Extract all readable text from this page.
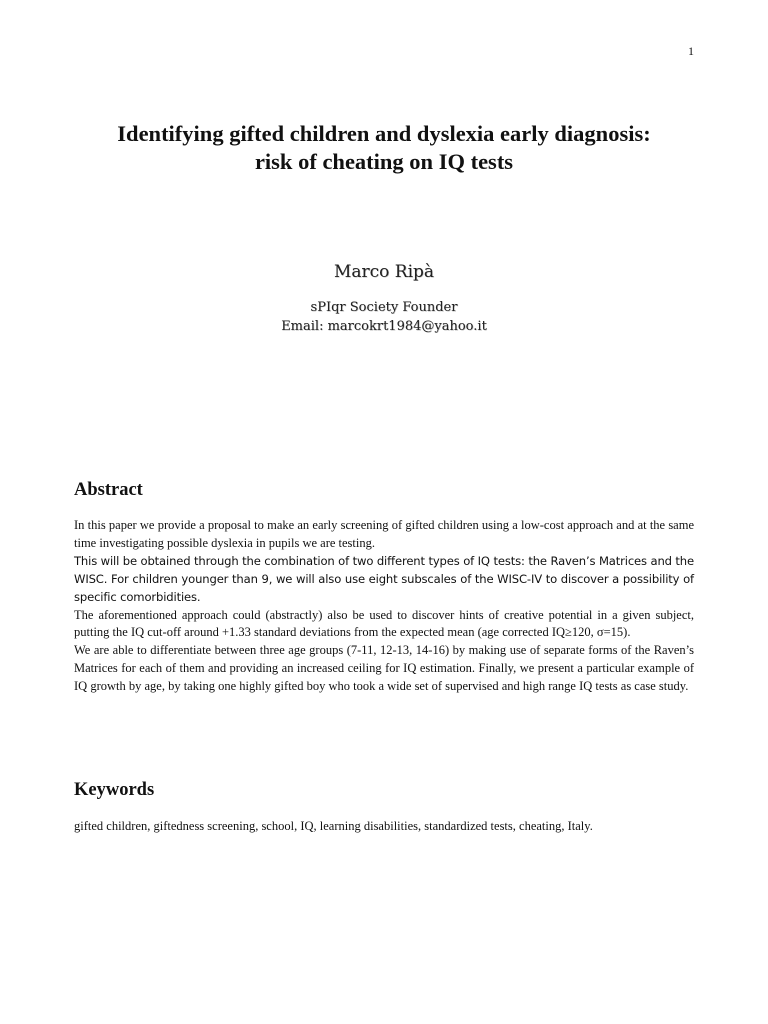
1
Identifying gifted children and dyslexia early diagnosis:
risk of cheating on IQ tests
Marco Ripà
sPIqr Society Founder
Email: marcokrt1984@yahoo.it
Abstract

In this paper we provide a proposal to make an early screening of gifted children using a low-cost approach and at the same time investigating possible dyslexia in pupils we are testing.

This will be obtained through the combination of two different types of IQ tests: the Raven’s Matrices and the WISC. For children younger than 9, we will also use eight subscales of the WISC-IV to discover a possibility of specific comorbidities.

The aforementioned approach could (abstractly) also be used to discover hints of creative potential in a given subject, putting the IQ cut-off around +1.33 standard deviations from the expected mean (age corrected IQ≥120, σ=15).

We are able to differentiate between three age groups (7-11, 12-13, 14-16) by making use of separate forms of the Raven’s Matrices for each of them and providing an increased ceiling for IQ estimation. Finally, we present a particular example of IQ growth by age, by taking one highly gifted boy who took a wide set of supervised and high range IQ tests as case study.

Keywords

gifted children, giftedness screening, school, IQ, learning disabilities, standardized tests, cheating, Italy.
